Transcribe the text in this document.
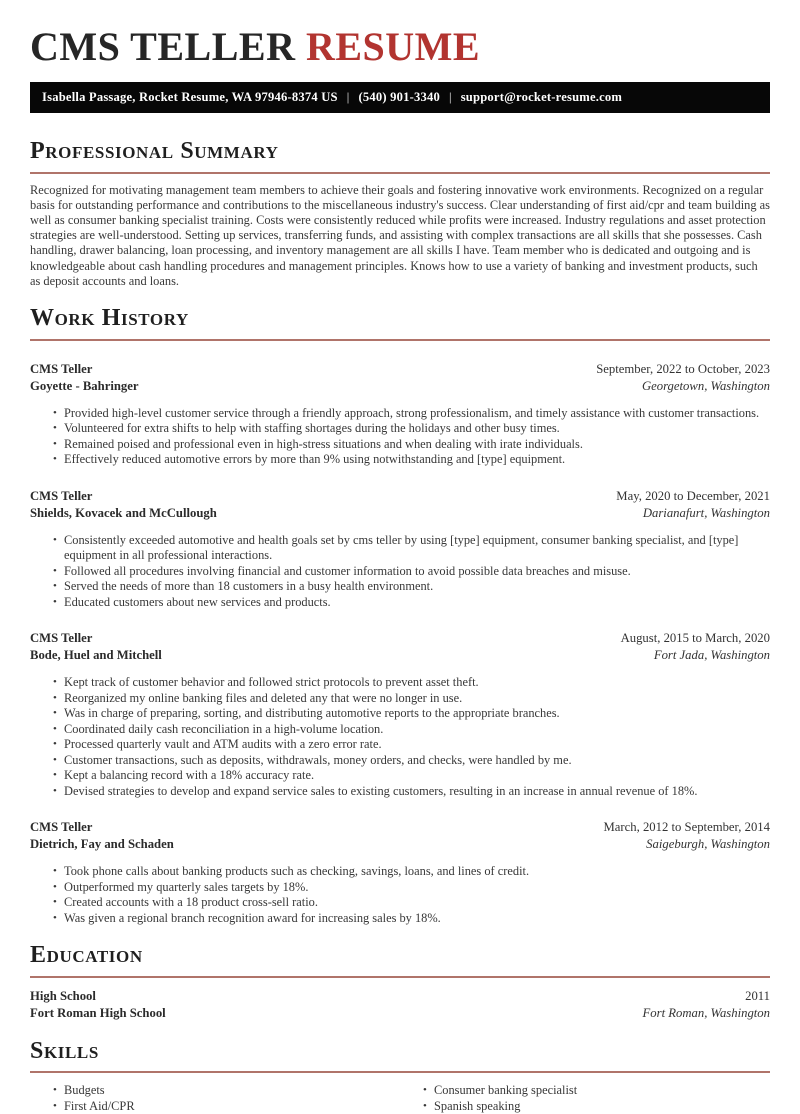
CMS TELLER RESUME
Isabella Passage, Rocket Resume, WA 97946-8374 US | (540) 901-3340 | support@rocket-resume.com
Professional Summary

Recognized for motivating management team members to achieve their goals and fostering innovative work environments. Recognized on a regular basis for outstanding performance and contributions to the miscellaneous industry's success. Clear understanding of first aid/cpr and team building as well as consumer banking specialist training. Costs were consistently reduced while profits were increased. Industry regulations and asset protection strategies are well-understood. Setting up services, transferring funds, and assisting with complex transactions are all skills that she possesses. Cash handling, drawer balancing, loan processing, and inventory management are all skills I have. Team member who is dedicated and outgoing and is knowledgeable about cash handling procedures and management principles. Knows how to use a variety of banking and investment products, such as deposit accounts and loans.

Work History
CMS Teller	September, 2022 to October, 2023
Goyette - Bahringer	Georgetown, Washington
• Provided high-level customer service through a friendly approach, strong professionalism, and timely assistance with customer transactions.
• Volunteered for extra shifts to help with staffing shortages during the holidays and other busy times.
• Remained poised and professional even in high-stress situations and when dealing with irate individuals.
• Effectively reduced automotive errors by more than 9% using notwithstanding and [type] equipment.
CMS Teller	May, 2020 to December, 2021
Shields, Kovacek and McCullough	Darianafurt, Washington
• Consistently exceeded automotive and health goals set by cms teller by using [type] equipment, consumer banking specialist, and [type] equipment in all professional interactions.
• Followed all procedures involving financial and customer information to avoid possible data breaches and misuse.
• Served the needs of more than 18 customers in a busy health environment.
• Educated customers about new services and products.
CMS Teller	August, 2015 to March, 2020
Bode, Huel and Mitchell	Fort Jada, Washington
• Kept track of customer behavior and followed strict protocols to prevent asset theft.
• Reorganized my online banking files and deleted any that were no longer in use.
• Was in charge of preparing, sorting, and distributing automotive reports to the appropriate branches.
• Coordinated daily cash reconciliation in a high-volume location.
• Processed quarterly vault and ATM audits with a zero error rate.
• Customer transactions, such as deposits, withdrawals, money orders, and checks, were handled by me.
• Kept a balancing record with a 18% accuracy rate.
• Devised strategies to develop and expand service sales to existing customers, resulting in an increase in annual revenue of 18%.
CMS Teller	March, 2012 to September, 2014
Dietrich, Fay and Schaden	Saigeburgh, Washington
• Took phone calls about banking products such as checking, savings, loans, and lines of credit.
• Outperformed my quarterly sales targets by 18%.
• Created accounts with a 18 product cross-sell ratio.
• Was given a regional branch recognition award for increasing sales by 18%.
Education
High School	2011
Fort Roman High School	Fort Roman, Washington
Skills
• Budgets
• First Aid/CPR
• Consumer banking specialist
• Spanish speaking
